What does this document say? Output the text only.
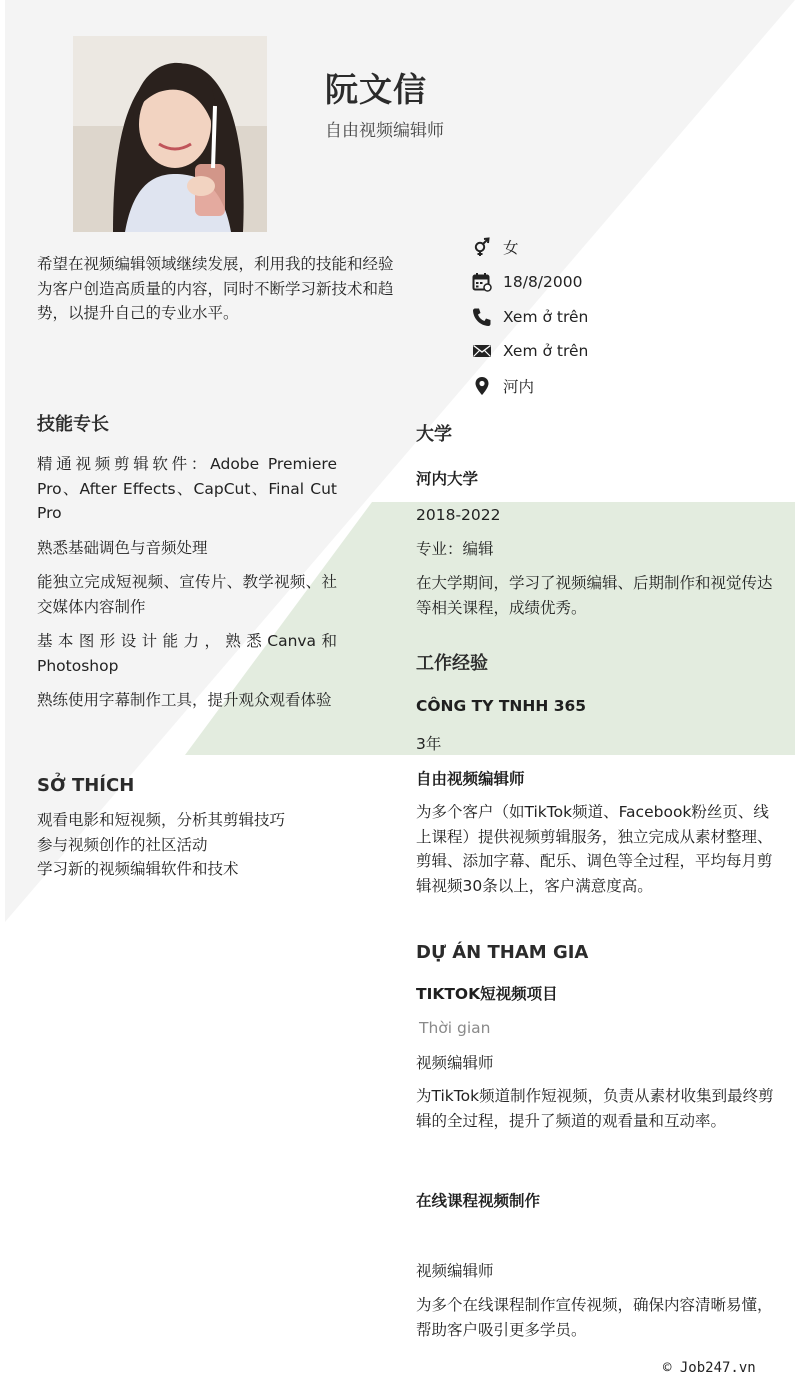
阮文信
自由视频编辑师
希望在视频编辑领域继续发展，利用我的技能和经验为客户创造高质量的内容，同时不断学习新技术和趋势，以提升自己的专业水平。
女
18/8/2000
Xem ở trên
Xem ở trên
河内
技能专长
精通视频剪辑软件：Adobe Premiere Pro、After Effects、CapCut、Final Cut Pro
熟悉基础调色与音频处理
能独立完成短视频、宣传片、教学视频、社交媒体内容制作
基本图形设计能力，熟悉Canva和Photoshop
熟练使用字幕制作工具，提升观众观看体验
SỞ THÍCH
观看电影和短视频，分析其剪辑技巧
参与视频创作的社区活动
学习新的视频编辑软件和技术
大学
河内大学
2018-2022
专业：编辑
在大学期间，学习了视频编辑、后期制作和视觉传达等相关课程，成绩优秀。
工作经验
CÔNG TY TNHH 365
3年
自由视频编辑师
为多个客户（如TikTok频道、Facebook粉丝页、线上课程）提供视频剪辑服务，独立完成从素材整理、剪辑、添加字幕、配乐、调色等全过程，平均每月剪辑视频30条以上，客户满意度高。
DỰ ÁN THAM GIA
TIKTOK短视频项目
Thời gian
视频编辑师
为TikTok频道制作短视频，负责从素材收集到最终剪辑的全过程，提升了频道的观看量和互动率。
在线课程视频制作
视频编辑师
为多个在线课程制作宣传视频，确保内容清晰易懂，帮助客户吸引更多学员。
© Job247.vn
